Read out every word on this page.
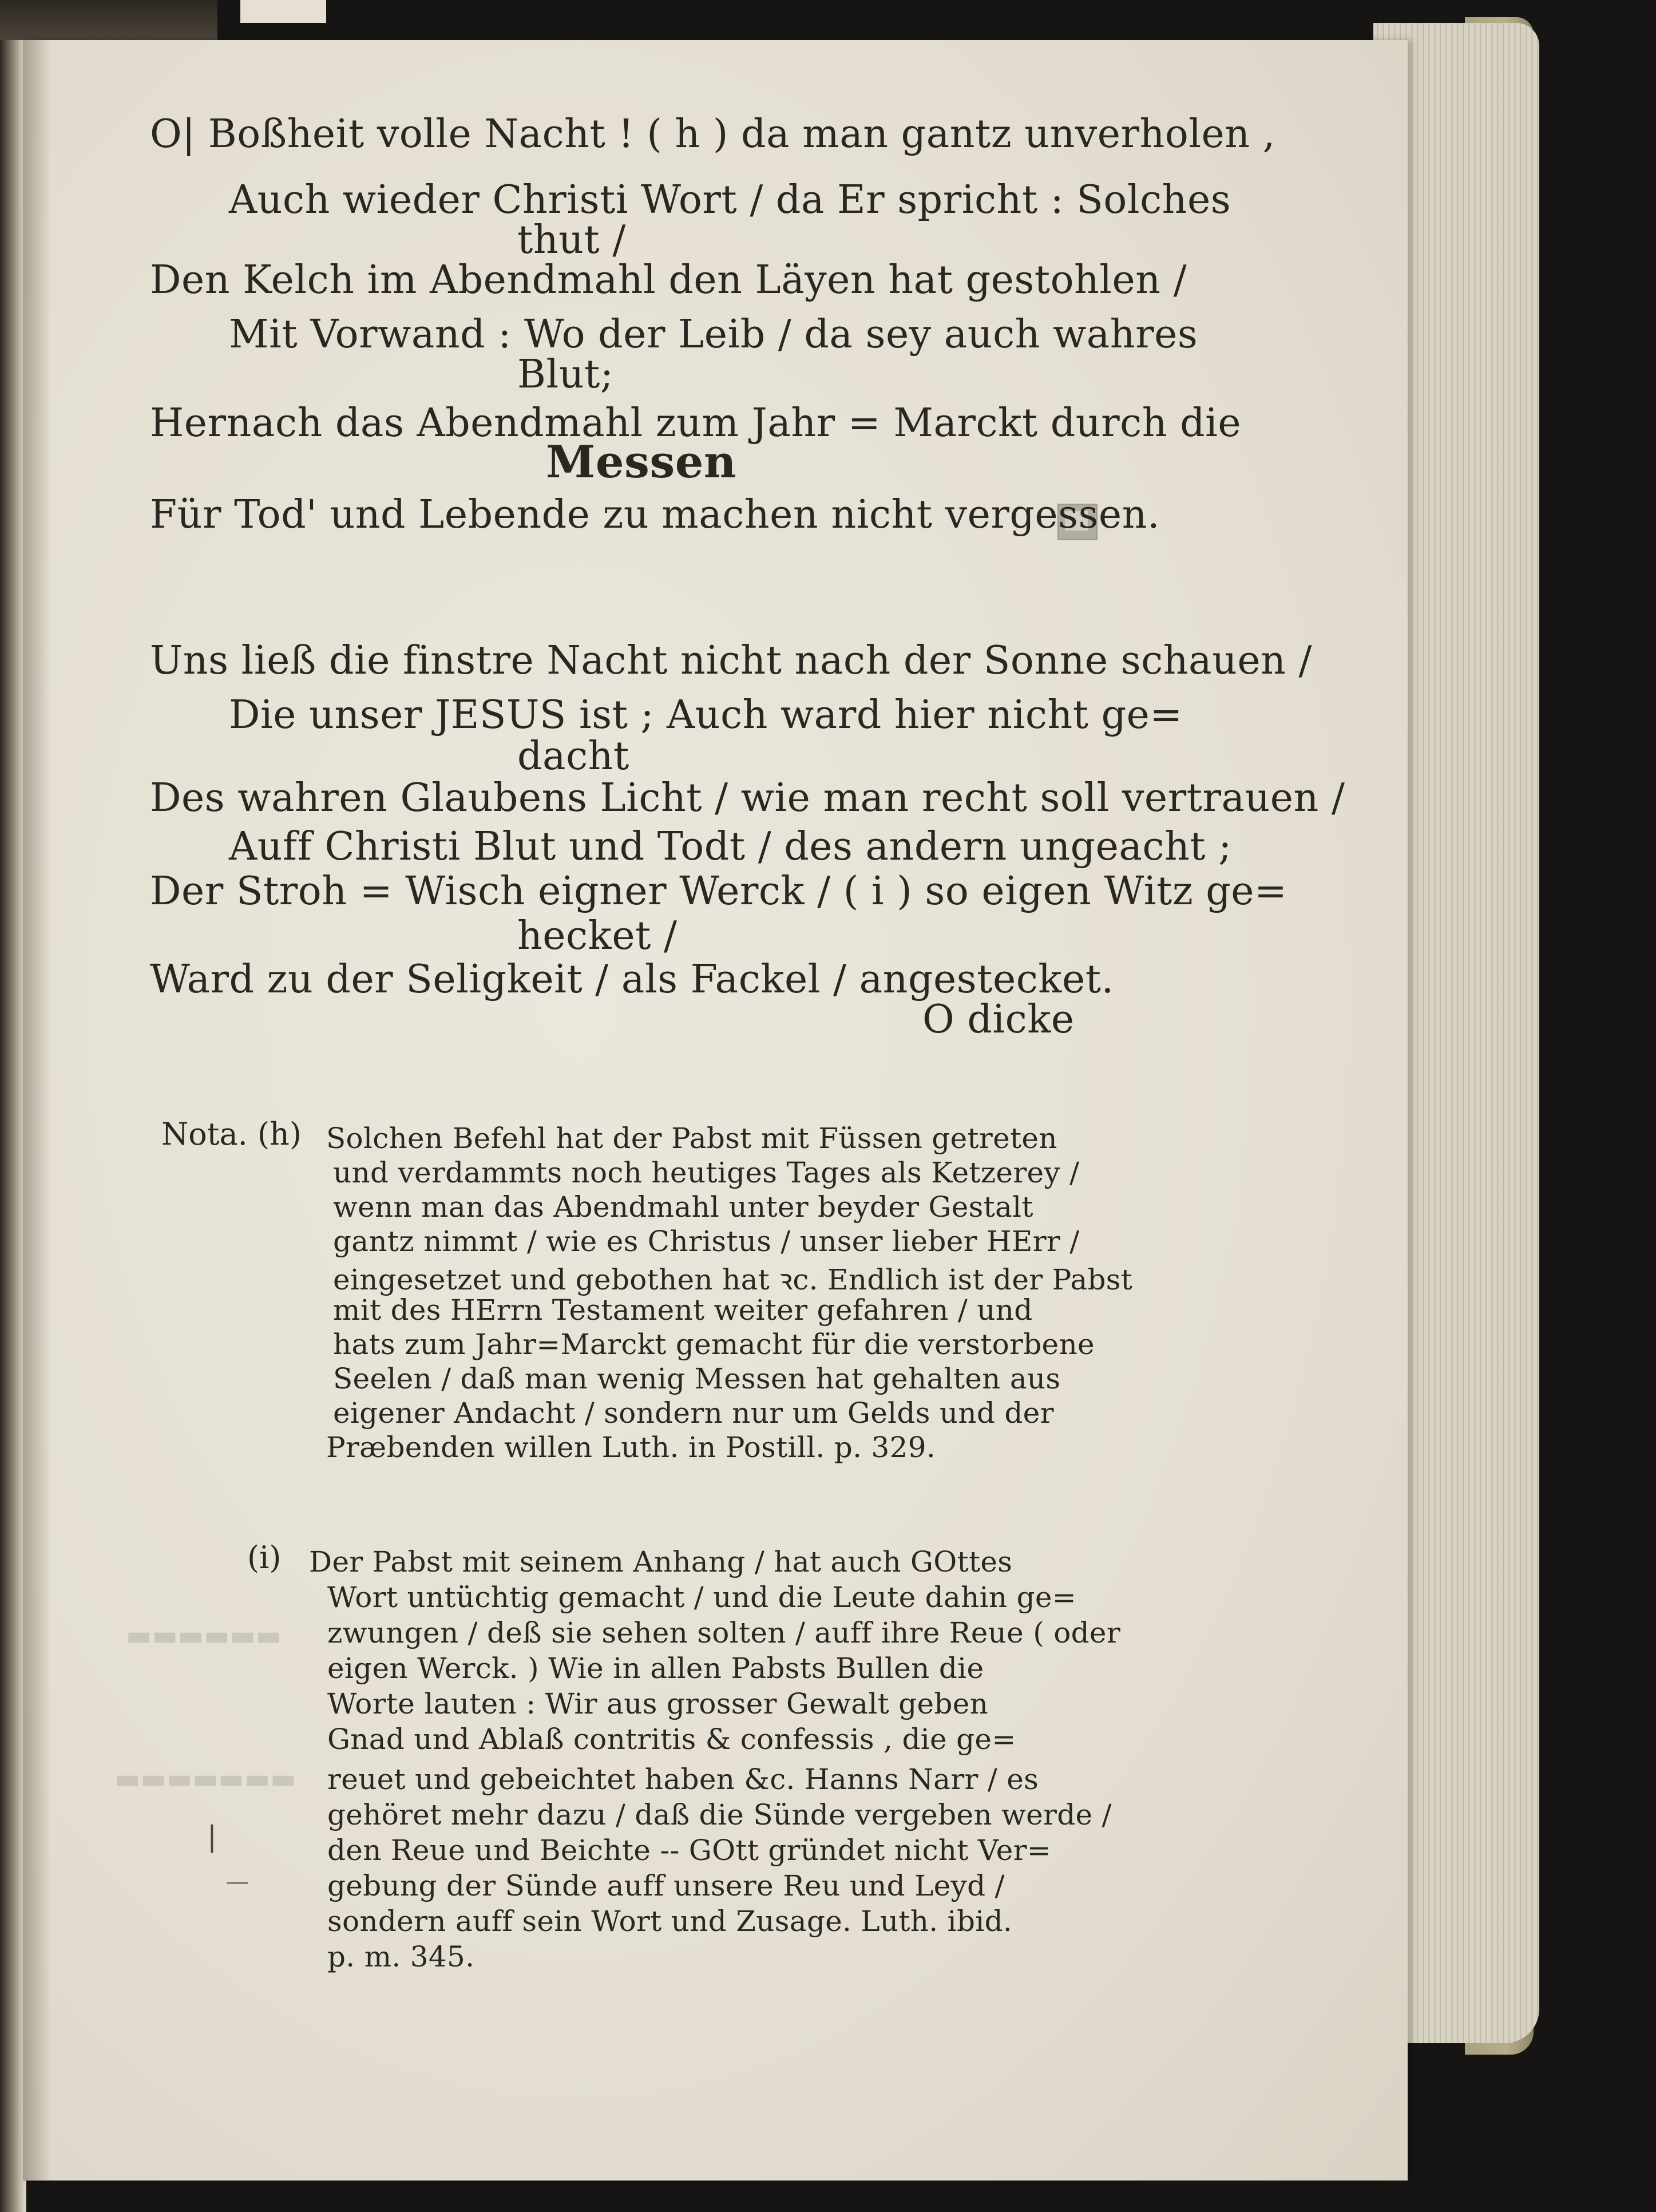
O| Boßheit volle Nacht ! ( h ) da man gantz unverholen ,
Auch wieder Christi Wort / da Er spricht : Solches
thut /
Den Kelch im Abendmahl den Läyen hat gestohlen /
Mit Vorwand : Wo der Leib / da sey auch wahres
Blut;
Hernach das Abendmahl zum Jahr = Marckt durch die
Messen
Für Tod' und Lebende zu machen nicht vergessen.
Uns ließ die finstre Nacht nicht nach der Sonne schauen /
Die unser JESUS ist ; Auch ward hier nicht ge=
dacht
Des wahren Glaubens Licht / wie man recht soll vertrauen /
Auff Christi Blut und Todt / des andern ungeacht ;
Der Stroh = Wisch eigner Werck / ( i ) so eigen Witz ge=
hecket /
Ward zu der Seligkeit / als Fackel / angestecket.
O dicke
Nota. (h) Solchen Befehl hat der Pabst mit Füssen getreten
und verdammts noch heutiges Tages als Ketzerey /
wenn man das Abendmahl unter beyder Gestalt
gantz nimmt / wie es Christus / unser lieber HErr /
eingesetzet und gebothen hat ꝛc. Endlich ist der Pabst
mit des HErrn Testament weiter gefahren / und
hats zum Jahr=Marckt gemacht für die verstorbene
Seelen / daß man wenig Messen hat gehalten aus
eigener Andacht / sondern nur um Gelds und der
Præbenden willen Luth. in Postill. p. 329.
▬▬▬▬▬▬
▬▬▬▬▬▬▬
(i) Der Pabst mit seinem Anhang / hat auch GOttes
Wort untüchtig gemacht / und die Leute dahin ge=
zwungen / deß sie sehen solten / auff ihre Reue ( oder
eigen Werck. ) Wie in allen Pabsts Bullen die
Worte lauten : Wir aus grosser Gewalt geben
Gnad und Ablaß contritis & confessis , die ge=
reuet und gebeichtet haben &c. Hanns Narr / es
gehöret mehr dazu / daß die Sünde vergeben werde /
den Reue und Beichte -- GOtt gründet nicht Ver=
gebung der Sünde auff unsere Reu und Leyd /
sondern auff sein Wort und Zusage. Luth. ibid.
p. m. 345.
|
—
